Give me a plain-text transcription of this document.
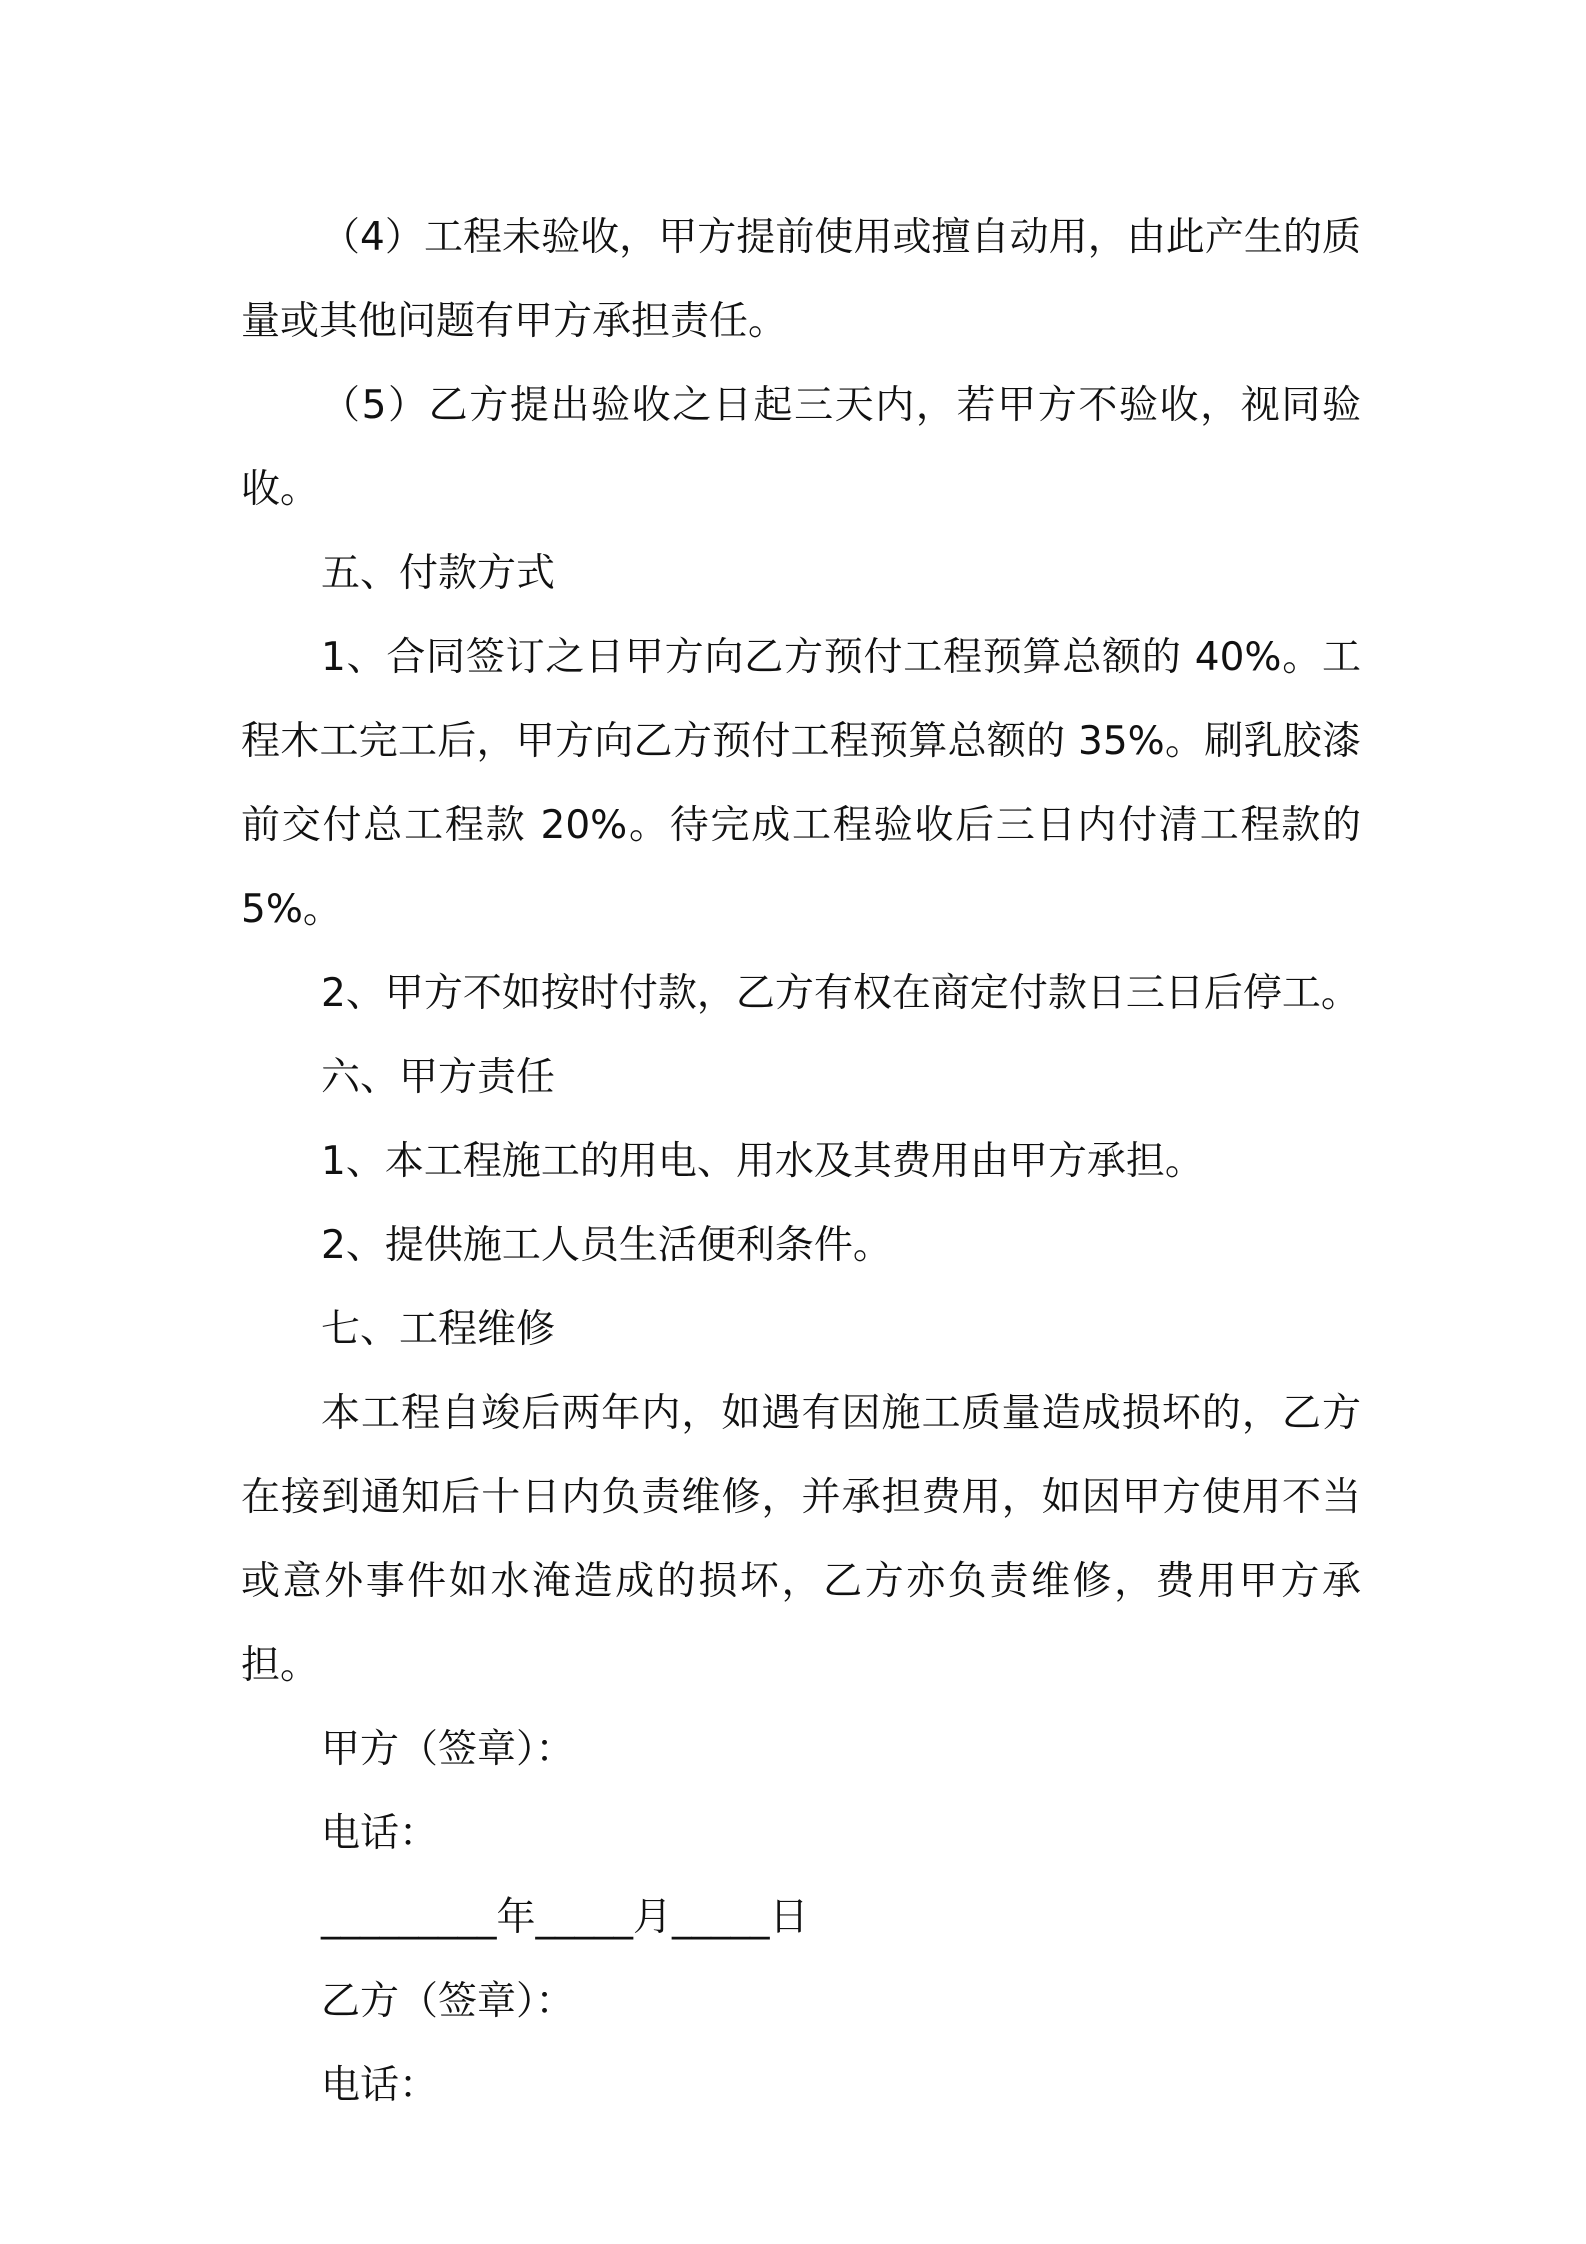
（4）工程未验收，甲方提前使用或擅自动用，由此产生的质量或其他问题有甲方承担责任。

（5）乙方提出验收之日起三天内，若甲方不验收，视同验收。

五、付款方式

1、合同签订之日甲方向乙方预付工程预算总额的 40%。工程木工完工后，甲方向乙方预付工程预算总额的 35%。刷乳胶漆前交付总工程款 20%。待完成工程验收后三日内付清工程款的 5%。

2、甲方不如按时付款，乙方有权在商定付款日三日后停工。

六、甲方责任

1、本工程施工的用电、用水及其费用由甲方承担。

2、提供施工人员生活便利条件。

七、工程维修

本工程自竣后两年内，如遇有因施工质量造成损坏的，乙方在接到通知后十日内负责维修，并承担费用，如因甲方使用不当或意外事件如水淹造成的损坏，乙方亦负责维修，费用甲方承担。

甲方（签章）：

电话：

_________年_____月_____日

乙方（签章）：

电话：
